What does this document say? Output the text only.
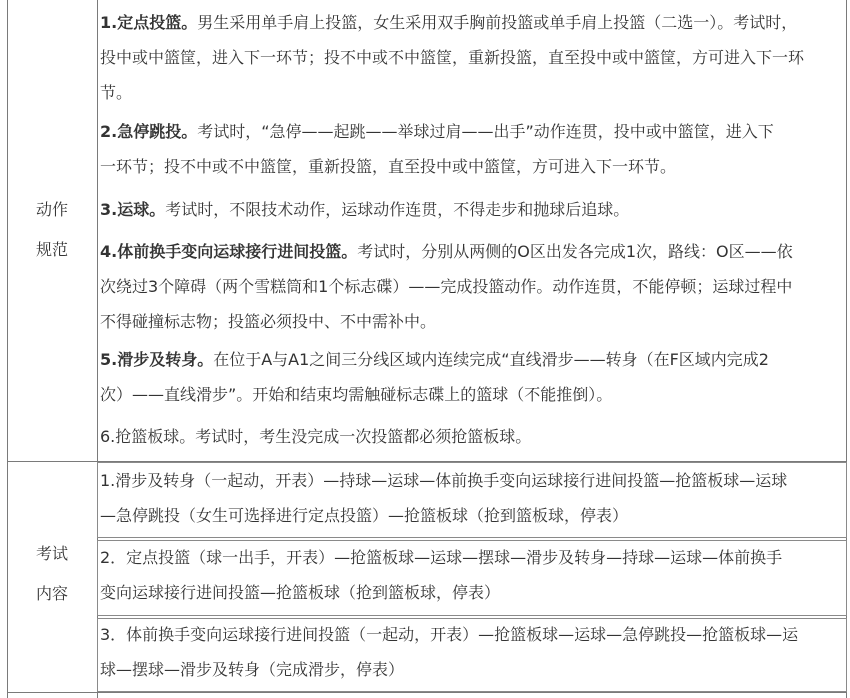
动作
规范
1.定点投篮。男生采用单手肩上投篮，女生采用双手胸前投篮或单手肩上投篮（二选一）。考试时，
投中或中篮筐，进入下一环节；投不中或不中篮筐，重新投篮，直至投中或中篮筐，方可进入下一环
节。
2.急停跳投。考试时，“急停——起跳——举球过肩——出手”动作连贯，投中或中篮筐，进入下
一环节；投不中或不中篮筐，重新投篮，直至投中或中篮筐，方可进入下一环节。
3.运球。考试时，不限技术动作，运球动作连贯，不得走步和抛球后追球。
4.体前换手变向运球接行进间投篮。考试时，分别从两侧的O区出发各完成1次，路线：O区——依
次绕过3个障碍（两个雪糕筒和1个标志碟）——完成投篮动作。动作连贯，不能停顿；运球过程中
不得碰撞标志物；投篮必须投中、不中需补中。
5.滑步及转身。在位于A与A1之间三分线区域内连续完成“直线滑步——转身（在F区域内完成2
次）——直线滑步”。开始和结束均需触碰标志碟上的篮球（不能推倒）。
6.抢篮板球。考试时，考生没完成一次投篮都必须抢篮板球。
考试
内容
1.滑步及转身（一起动，开表）—持球—运球—体前换手变向运球接行进间投篮—抢篮板球—运球
—急停跳投（女生可选择进行定点投篮）—抢篮板球（抢到篮板球，停表）
2．定点投篮（球一出手，开表）—抢篮板球—运球—摆球—滑步及转身—持球—运球—体前换手
变向运球接行进间投篮—抢篮板球（抢到篮板球，停表）
3．体前换手变向运球接行进间投篮（一起动，开表）—抢篮板球—运球—急停跳投—抢篮板球—运
球—摆球—滑步及转身（完成滑步，停表）
